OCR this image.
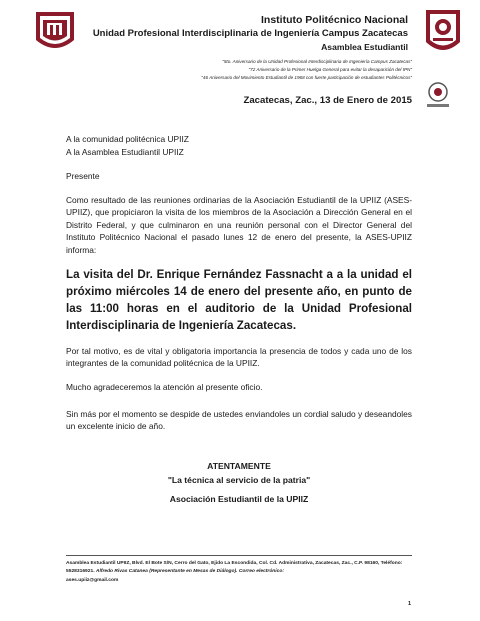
Instituto Politécnico Nacional
Unidad Profesional Interdisciplinaria de Ingeniería Campus Zacatecas
Asamblea Estudiantil
"5to. Aniversario de la Unidad Profesional Interdisciplinaria de Ingeniería Campus Zacatecas"
"72 Aniversario de la Primer Huelga General para evitar la desaparición del IPN"
"46 Aniversario del Movimiento Estudiantil de 1968 con fuerte participación de estudiantes Politécnicos"
Zacatecas, Zac., 13 de Enero de 2015
A la comunidad politécnica UPIIZ
A la Asamblea Estudiantil UPIIZ
Presente
Como resultado de las reuniones ordinarias de la Asociación Estudiantil de la UPIIZ (ASES-UPIIZ), que propiciaron la visita de los miembros de la Asociación a Dirección General en el Distrito Federal, y que culminaron en una reunión personal con el Director General del Instituto Politécnico Nacional el pasado lunes 12 de enero del presente, la ASES-UPIIZ informa:
La visita del Dr. Enrique Fernández Fassnacht a a la unidad el próximo miércoles 14 de enero del presente año, en punto de las 11:00 horas en el auditorio de la Unidad Profesional Interdisciplinaria de Ingeniería Zacatecas.
Por tal motivo, es de vital y obligatoria importancia la presencia de todos y cada uno de los integrantes de la comunidad politécnica de la UPIIZ.
Mucho agradeceremos la atención al presente oficio.
Sin más por el momento se despide de ustedes enviandoles un cordial saludo y deseandoles un excelente inicio de año.
ATENTAMENTE
"La técnica al servicio de la patria"
Asociación Estudiantil de la UPIIZ
Asamblea Estudiantil UPIIZ, Blvd. El Bote S/N, Cerro del Gato, Ejido La Escondida, Col. Cd. Administrativa, Zacatecas, Zac., C.P. 98160, Teléfono: 5528316921. Alfredo Rivas Catanea (Representante en Mesas de Diálogo). Correo electrónico:
ases.upiiz@gmail.com
1
